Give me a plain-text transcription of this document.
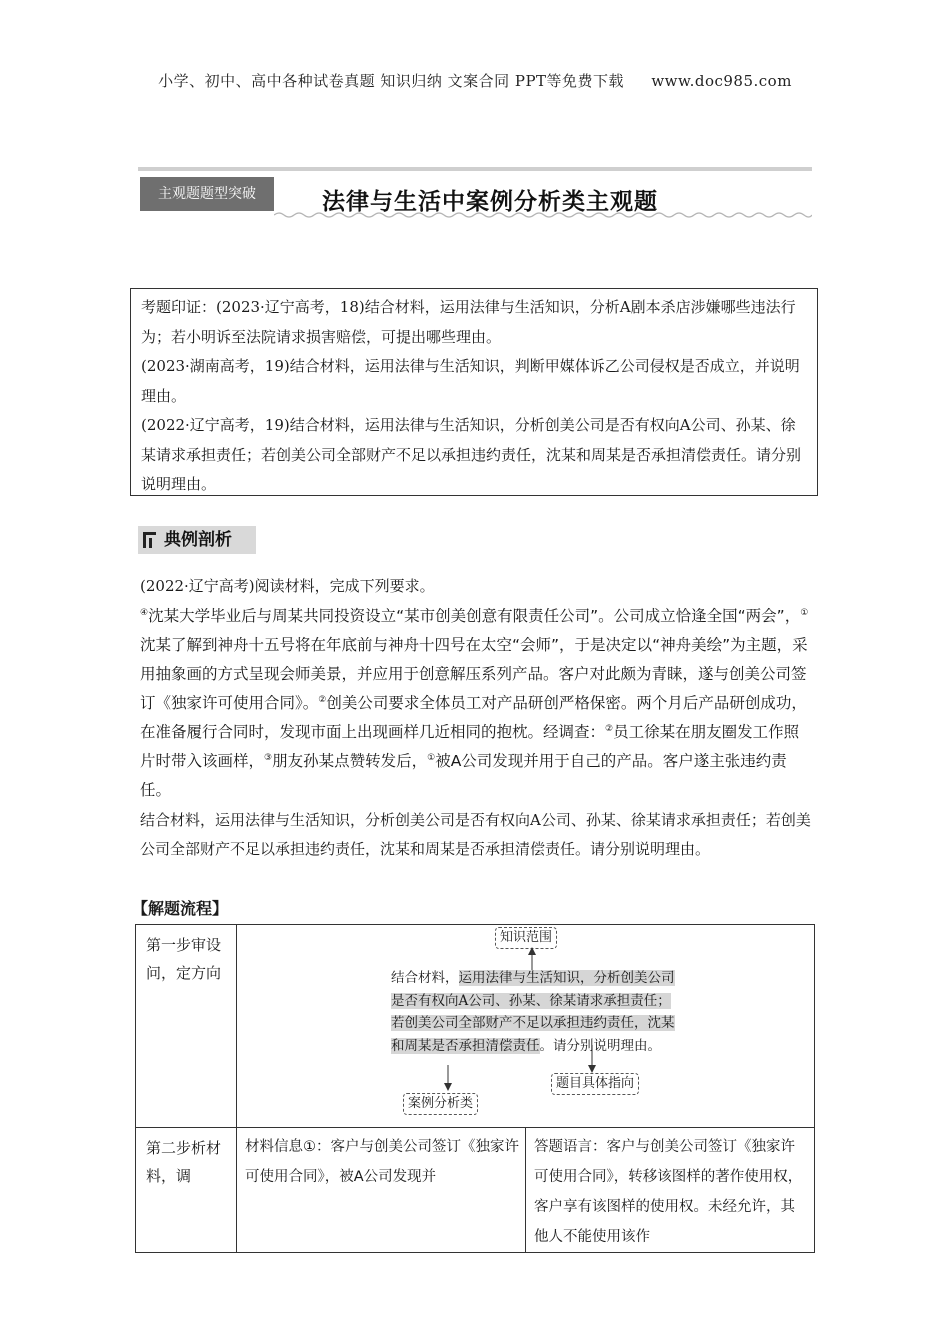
小学、初中、高中各种试卷真题 知识归纳 文案合同 PPT等免费下载 www.doc985.com
主观题题型突破	法律与生活中案例分析类主观题

考题印证：(2023·辽宁高考，18)结合材料，运用法律与生活知识，分析A剧本杀店涉嫌哪些违法行为；若小明诉至法院请求损害赔偿，可提出哪些理由。

(2023·湖南高考，19)结合材料，运用法律与生活知识，判断甲媒体诉乙公司侵权是否成立，并说明理由。

(2022·辽宁高考，19)结合材料，运用法律与生活知识，分析创美公司是否有权向A公司、孙某、徐某请求承担责任；若创美公司全部财产不足以承担违约责任，沈某和周某是否承担清偿责任。请分别说明理由。

典例剖析

(2022·辽宁高考)阅读材料，完成下列要求。

④沈某大学毕业后与周某共同投资设立“某市创美创意有限责任公司”。公司成立恰逢全国“两会”，①沈某了解到神舟十五号将在年底前与神舟十四号在太空“会师”，于是决定以“神舟美绘”为主题，采用抽象画的方式呈现会师美景，并应用于创意解压系列产品。客户对此颇为青睐，遂与创美公司签订《独家许可使用合同》。②创美公司要求全体员工对产品研创严格保密。两个月后产品研创成功，在准备履行合同时，发现市面上出现画样几近相同的抱枕。经调查：②员工徐某在朋友圈发工作照片时带入该画样，③朋友孙某点赞转发后，①被A公司发现并用于自己的产品。客户遂主张违约责任。

结合材料，运用法律与生活知识，分析创美公司是否有权向A公司、孙某、徐某请求承担责任；若创美公司全部财产不足以承担违约责任，沈某和周某是否承担清偿责任。请分别说明理由。

【解题流程】
第一步审设问，定方向	知识范围
结合材料，运用法律与生活知识，分析创美公司是否有权向A公司、孙某、徐某请求承担责任；若创美公司全部财产不足以承担违约责任，沈某和周某是否承担清偿责任。请分别说明理由。
题目具体指向
案例分析类	

第二步析材料，调	材料信息①：客户与创美公司签订《独家许可使用合同》，被A公司发现并	答题语言：客户与创美公司签订《独家许可使用合同》，转移该图样的著作使用权，客户享有该图样的使用权。未经允许，其他人不能使用该作
